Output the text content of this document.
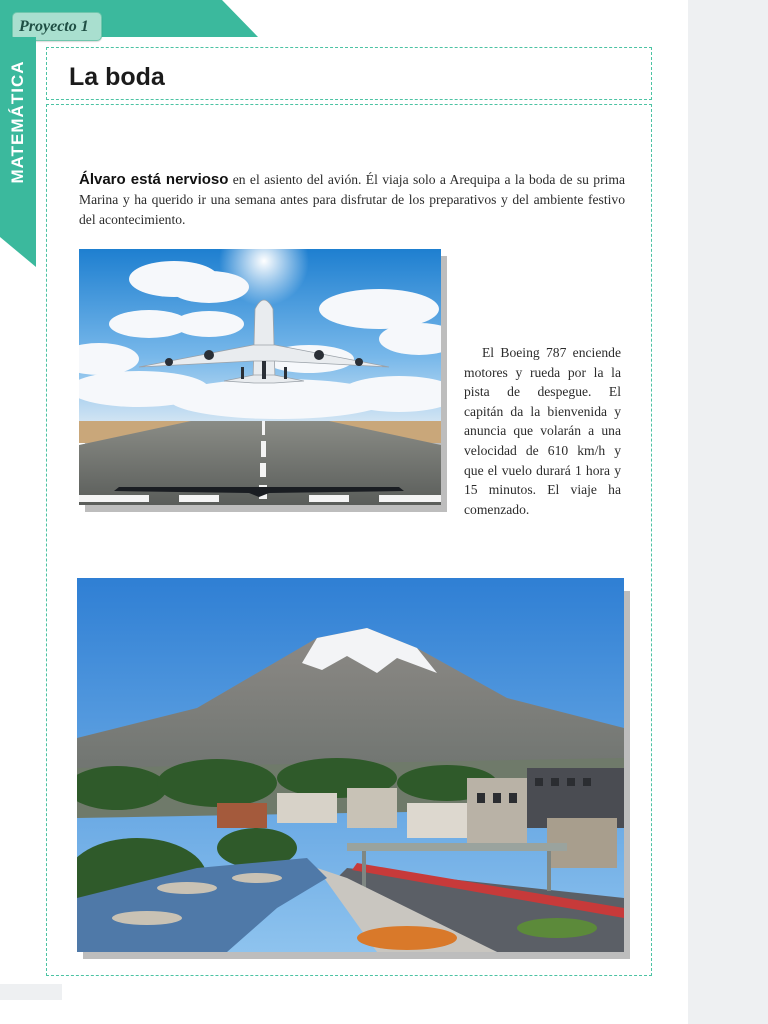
Proyecto 1
MATEMÁTICA La boda

Álvaro está nervioso en el asiento del avión. Él viaja solo a Arequipa a la boda de su prima Marina y ha querido ir una semana antes para disfrutar de los preparativos y del ambiente festivo del acontecimiento.

El Boeing 787 enciende motores y rueda por la la pista de despegue. El capitán da la bienvenida y anuncia que volarán a una velocidad de 610 km/h y que el vuelo durará 1 hora y 15 minutos. El viaje ha comenzado.
